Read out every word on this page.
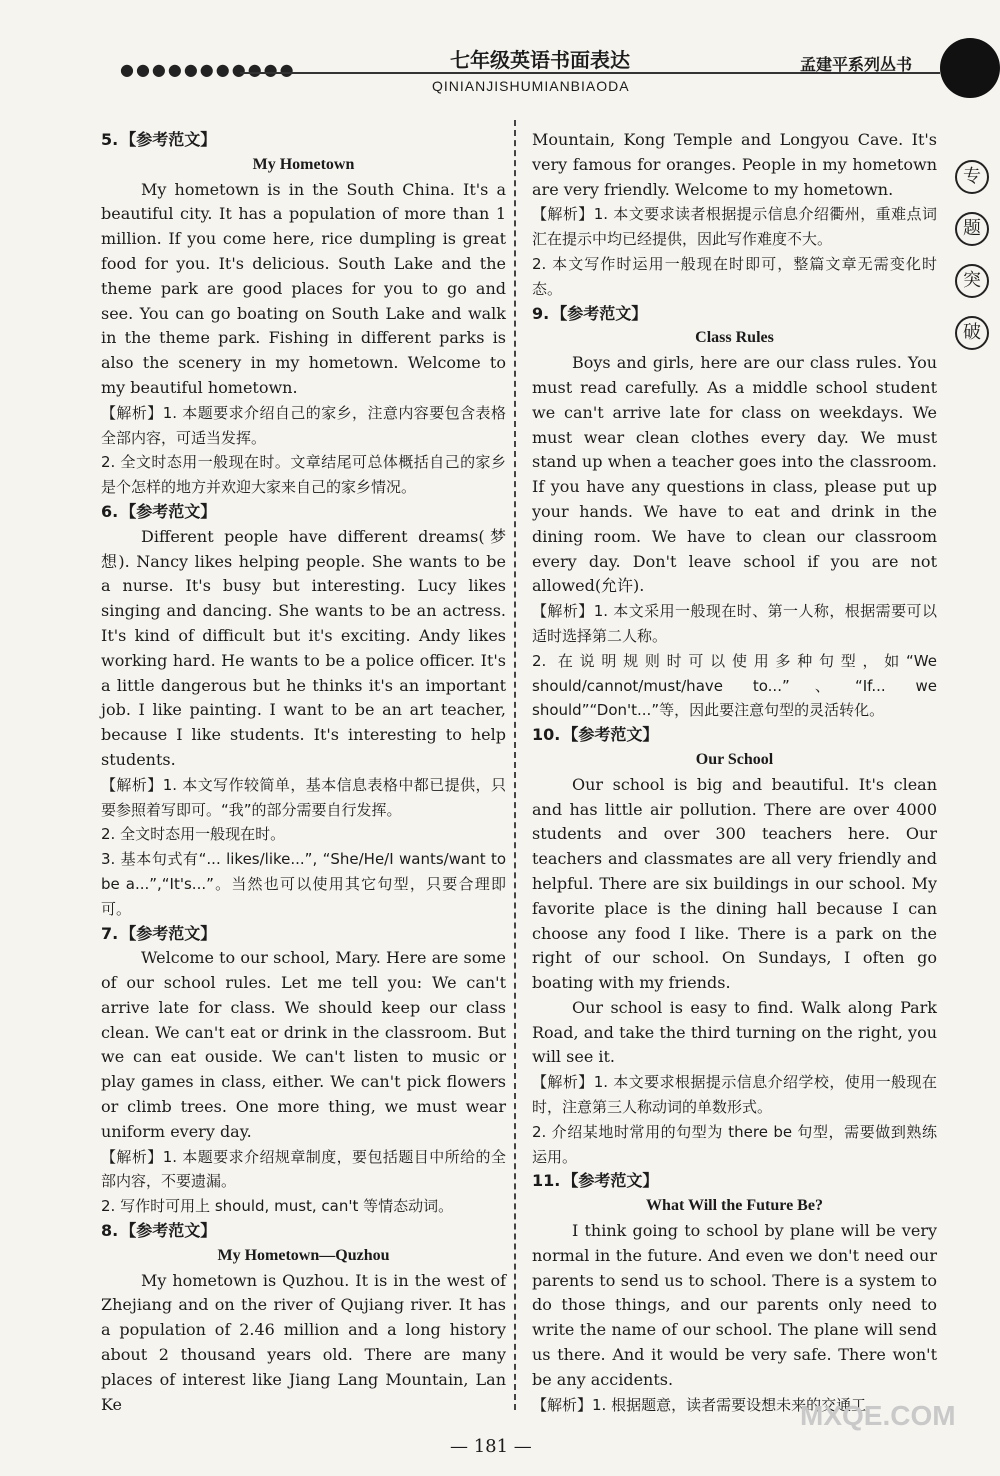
●●●●●●●●●●●	七年级英语书面表达
QINIANJISHUMIANBIAODA
孟建平系列丛书
专
题
突
破
5. 【参考范文】
My Hometown

My hometown is in the South China. It's a beautiful city. It has a population of more than 1 million. If you come here, rice dumpling is great food for you. It's delicious. South Lake and the theme park are good places for you to go and see. You can go boating on South Lake and walk in the theme park. Fishing in different parks is also the scenery in my hometown. Welcome to my beautiful hometown.

【解析】1. 本题要求介绍自己的家乡，注意内容要包含表格全部内容，可适当发挥。

2. 全文时态用一般现在时。文章结尾可总体概括自己的家乡是个怎样的地方并欢迎大家来自己的家乡情况。

6. 【参考范文】

Different people have different dreams(梦想). Nancy likes helping people. She wants to be a nurse. It's busy but interesting. Lucy likes singing and dancing. She wants to be an actress. It's kind of difficult but it's exciting. Andy likes working hard. He wants to be a police officer. It's a little dangerous but he thinks it's an important job. I like painting. I want to be an art teacher, because I like students. It's interesting to help students.

【解析】1. 本文写作较简单，基本信息表格中都已提供，只要参照着写即可。“我”的部分需要自行发挥。

2. 全文时态用一般现在时。

3. 基本句式有“... likes/like...”, “She/He/I wants/want to be a...”,“It's...”。当然也可以使用其它句型，只要合理即可。

7. 【参考范文】

Welcome to our school, Mary. Here are some of our school rules. Let me tell you: We can't arrive late for class. We should keep our class clean. We can't eat or drink in the classroom. But we can eat ouside. We can't listen to music or play games in class, either. We can't pick flowers or climb trees. One more thing, we must wear uniform every day.

【解析】1. 本题要求介绍规章制度，要包括题目中所给的全部内容，不要遗漏。

2. 写作时可用上 should, must, can't 等情态动词。

8. 【参考范文】
My Hometown—Quzhou

My hometown is Quzhou. It is in the west of Zhejiang and on the river of Qujiang river. It has a population of 2.46 million and a long history about 2 thousand years old. There are many places of interest like Jiang Lang Mountain, Lan Ke

Mountain, Kong Temple and Longyou Cave. It's very famous for oranges. People in my hometown are very friendly. Welcome to my hometown.

【解析】1. 本文要求读者根据提示信息介绍衢州，重难点词汇在提示中均已经提供，因此写作难度不大。

2. 本文写作时运用一般现在时即可，整篇文章无需变化时态。

9. 【参考范文】
Class Rules

Boys and girls, here are our class rules. You must read carefully. As a middle school student we can't arrive late for class on weekdays. We must wear clean clothes every day. We must stand up when a teacher goes into the classroom. If you have any questions in class, please put up your hands. We have to eat and drink in the dining room. We have to clean our classroom every day. Don't leave school if you are not allowed(允许).

【解析】1. 本文采用一般现在时、第一人称，根据需要可以适时选择第二人称。

2. 在说明规则时可以使用多种句型，如“We should/cannot/must/have to...”、“If... we should”“Don't...”等，因此要注意句型的灵活转化。

10. 【参考范文】
Our School

Our school is big and beautiful. It's clean and has little air pollution. There are over 4000 students and over 300 teachers here. Our teachers and classmates are all very friendly and helpful. There are six buildings in our school. My favorite place is the dining hall because I can choose any food I like. There is a park on the right of our school. On Sundays, I often go boating with my friends.

Our school is easy to find. Walk along Park Road, and take the third turning on the right, you will see it.

【解析】1. 本文要求根据提示信息介绍学校，使用一般现在时，注意第三人称动词的单数形式。

2. 介绍某地时常用的句型为 there be 句型，需要做到熟练运用。

11. 【参考范文】
What Will the Future Be?

I think going to school by plane will be very normal in the future. And even we don't need our parents to send us to school. There is a system to do those things, and our parents only need to write the name of our school. The plane will send us there. And it would be very safe. There won't be any accidents.

【解析】1. 根据题意，读者需要设想未来的交通工

— 181 —
MXQE.COM
